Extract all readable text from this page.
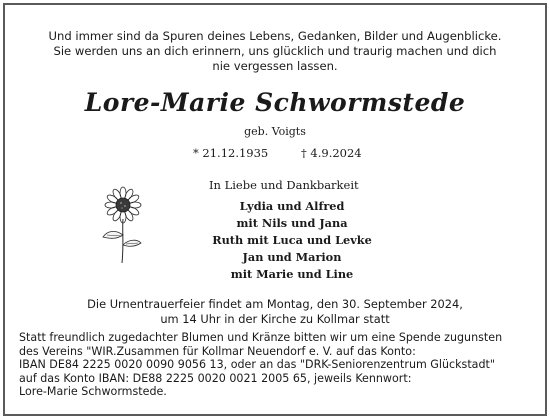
Und immer sind da Spuren deines Lebens, Gedanken, Bilder und Augenblicke.
Sie werden uns an dich erinnern, uns glücklich und traurig machen und dich
nie vergessen lassen.
Lore-Marie Schwormstede
geb. Voigts
* 21.12.1935	† 4.9.2024
In Liebe und Dankbarkeit
Lydia und Alfred
mit Nils und Jana
Ruth mit Luca und Levke
Jan und Marion
mit Marie und Line
Die Urnentrauerfeier findet am Montag, den 30. September 2024,
um 14 Uhr in der Kirche zu Kollmar statt
Statt freundlich zugedachter Blumen und Kränze bitten wir um eine Spende zugunsten
des Vereins "WIR.Zusammen für Kollmar Neuendorf e. V. auf das Konto:
IBAN DE84 2225 0020 0090 9056 13, oder an das "DRK-Seniorenzentrum Glückstadt"
auf das Konto IBAN: DE88 2225 0020 0021 2005 65, jeweils Kennwort:
Lore-Marie Schwormstede.
